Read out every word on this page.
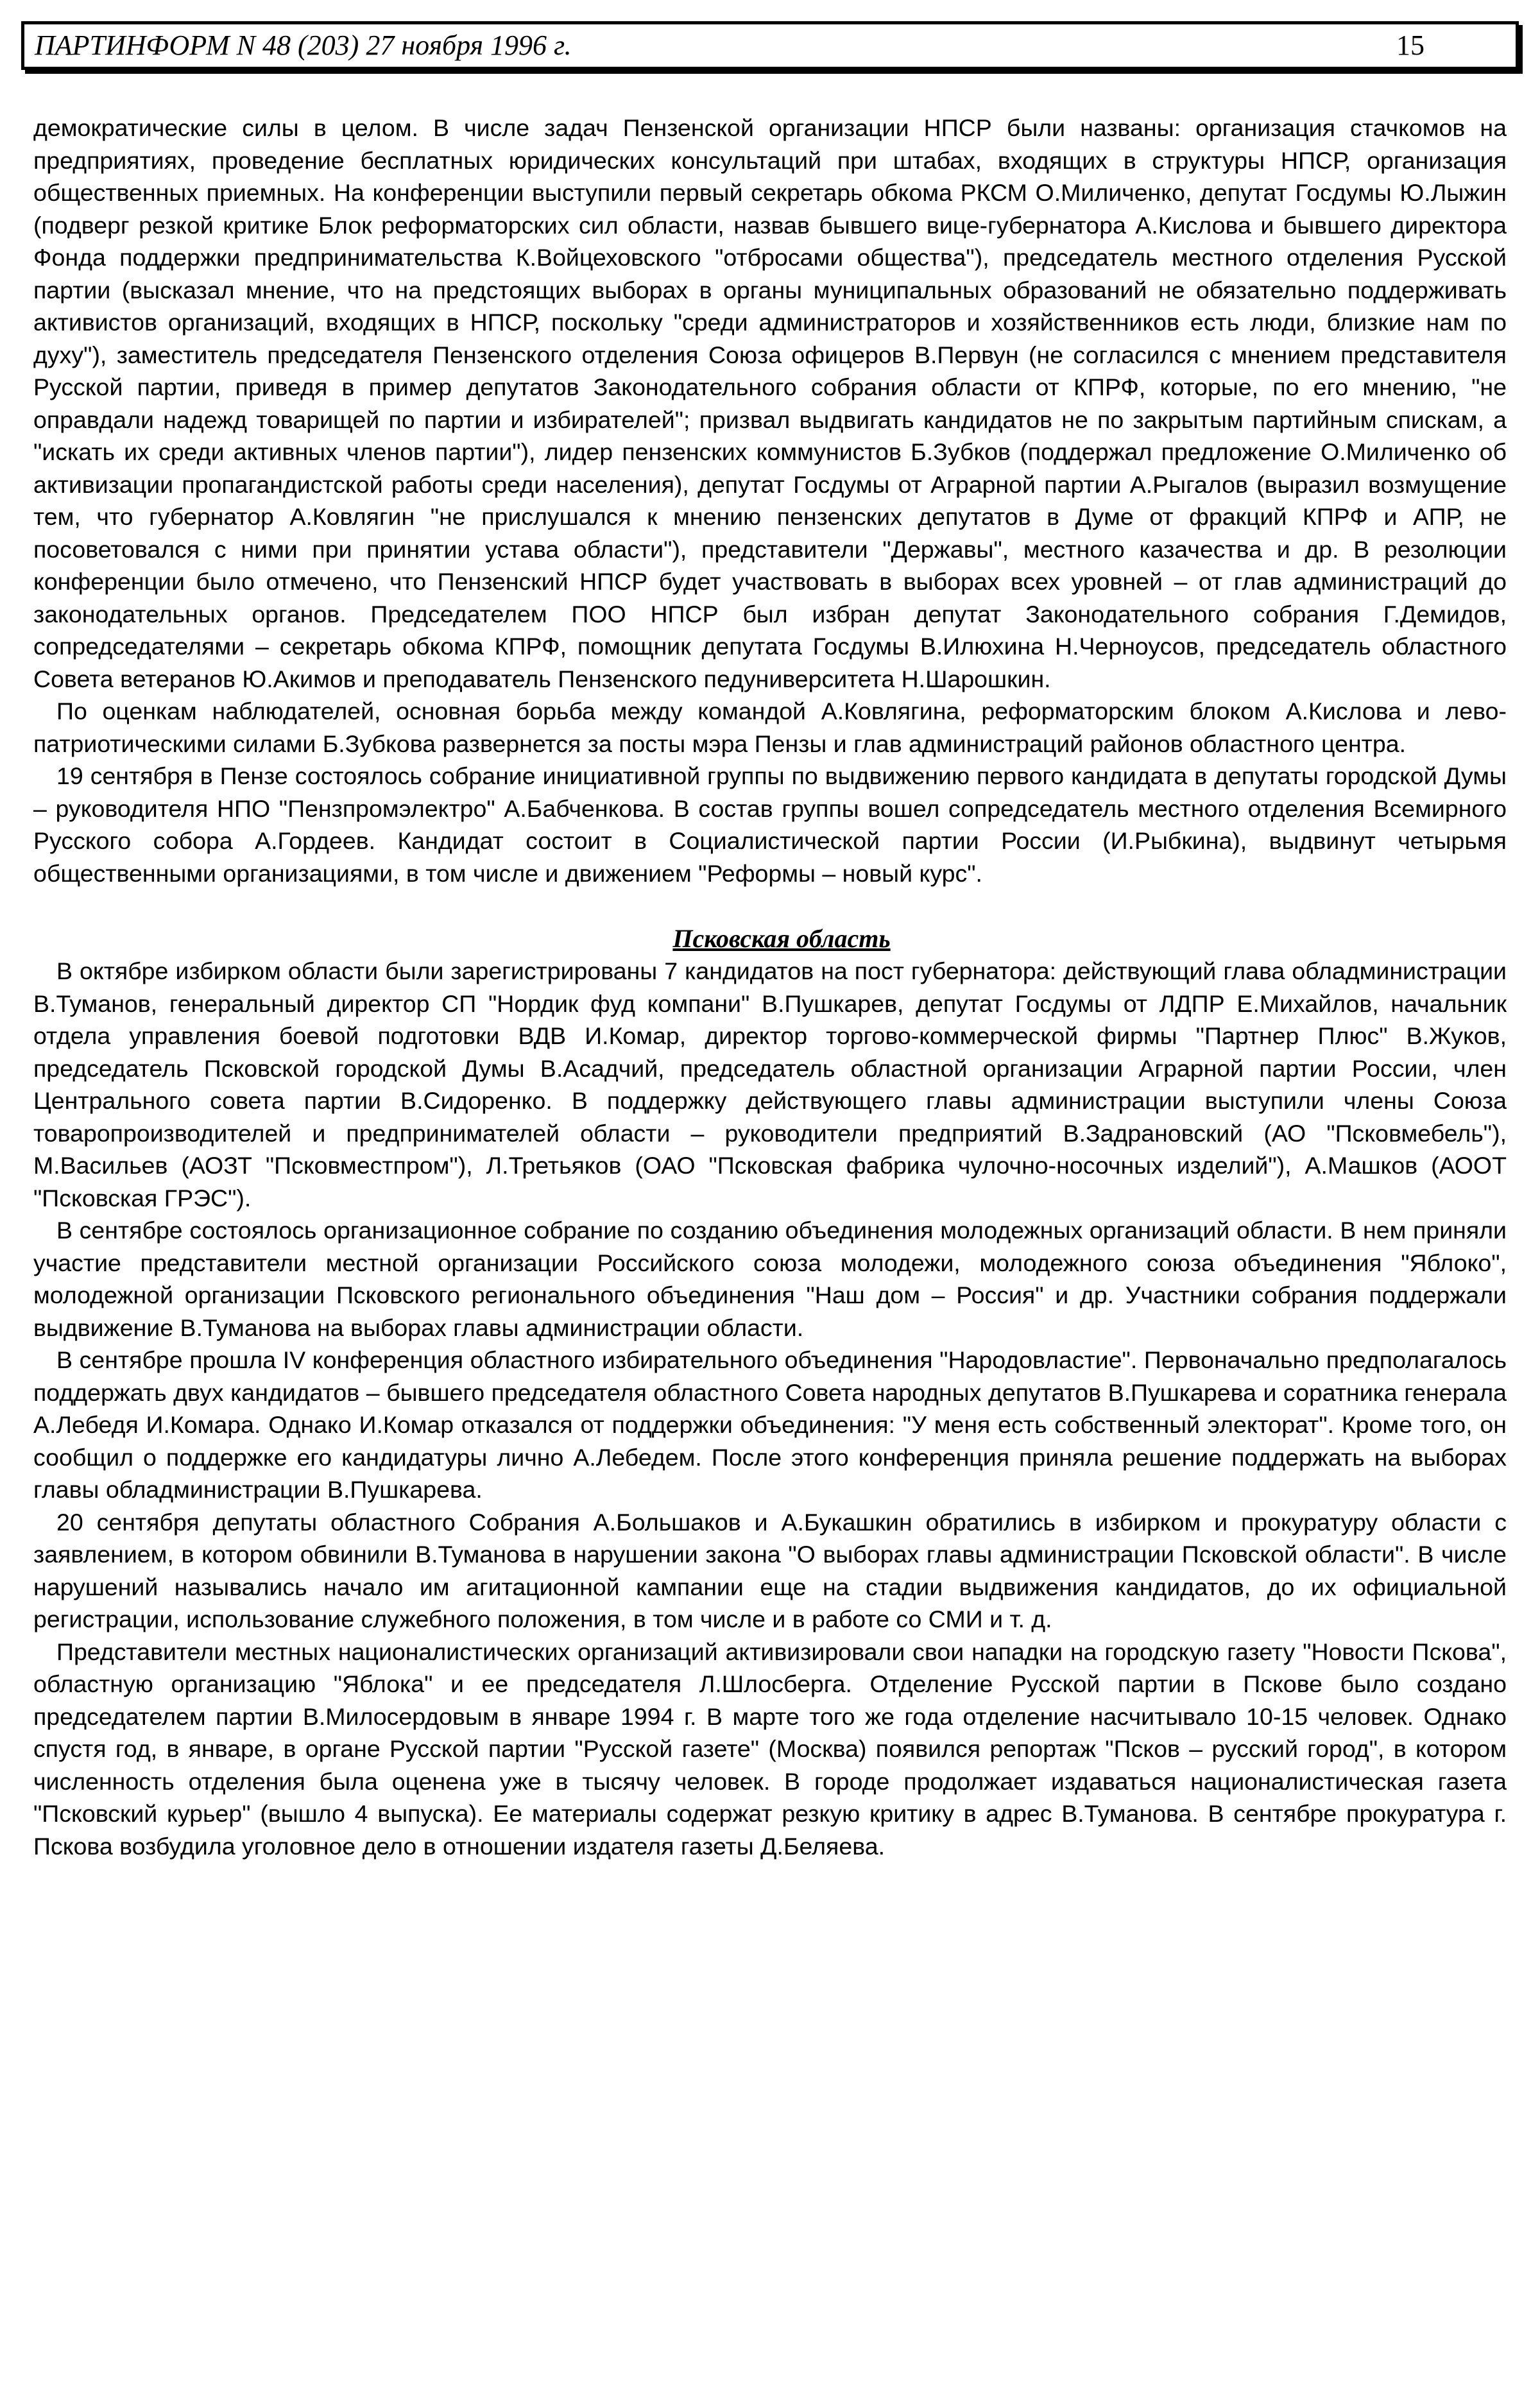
ПАРТИНФОРМ N 48 (203) 27 ноября 1996 г.	15

демократические силы в целом. В числе задач Пензенской организации НПСР были названы: организация стачкомов на предприятиях, проведение бесплатных юридических консультаций при штабах, входящих в структуры НПСР, организация общественных приемных. На конференции выступили первый секретарь обкома РКСМ О.Миличенко, депутат Госдумы Ю.Лыжин (подверг резкой критике Блок реформаторских сил области, назвав бывшего вице-губернатора А.Кислова и бывшего директора Фонда поддержки предпринимательства К.Войцеховского "отбросами общества"), председатель местного отделения Русской партии (высказал мнение, что на предстоящих выборах в органы муниципальных образований не обязательно поддерживать активистов организаций, входящих в НПСР, поскольку "среди администраторов и хозяйственников есть люди, близкие нам по духу"), заместитель председателя Пензенского отделения Союза офицеров В.Первун (не согласился с мнением представителя Русской партии, приведя в пример депутатов Законодательного собрания области от КПРФ, которые, по его мнению, "не оправдали надежд товарищей по партии и избирателей"; призвал выдвигать кандидатов не по закрытым партийным спискам, а "искать их среди активных членов партии"), лидер пензенских коммунистов Б.Зубков (поддержал предложение О.Миличенко об активизации пропагандистской работы среди населения), депутат Госдумы от Аграрной партии А.Рыгалов (выразил возмущение тем, что губернатор А.Ковлягин "не прислушался к мнению пензенских депутатов в Думе от фракций КПРФ и АПР, не посоветовался с ними при принятии устава области"), представители "Державы", местного казачества и др. В резолюции конференции было отмечено, что Пензенский НПСР будет участвовать в выборах всех уровней – от глав администраций до законодательных органов. Председателем ПОО НПСР был избран депутат Законодательного собрания Г.Демидов, сопредседателями – секретарь обкома КПРФ, помощник депутата Госдумы В.Илюхина Н.Черноусов, председатель областного Совета ветеранов Ю.Акимов и преподаватель Пензенского педуниверситета Н.Шарошкин.

По оценкам наблюдателей, основная борьба между командой А.Ковлягина, реформаторским блоком А.Кислова и лево-патриотическими силами Б.Зубкова развернется за посты мэра Пензы и глав администраций районов областного центра.

19 сентября в Пензе состоялось собрание инициативной группы по выдвижению первого кандидата в депутаты городской Думы – руководителя НПО "Пензпромэлектро" А.Бабченкова. В состав группы вошел сопредседатель местного отделения Всемирного Русского собора А.Гордеев. Кандидат состоит в Социалистической партии России (И.Рыбкина), выдвинут четырьмя общественными организациями, в том числе и движением "Реформы – новый курс".

Псковская область

В октябре избирком области были зарегистрированы 7 кандидатов на пост губернатора: действующий глава обладминистрации В.Туманов, генеральный директор СП "Нордик фуд компани" В.Пушкарев, депутат Госдумы от ЛДПР Е.Михайлов, начальник отдела управления боевой подготовки ВДВ И.Комар, директор торгово-коммерческой фирмы "Партнер Плюс" В.Жуков, председатель Псковской городской Думы В.Асадчий, председатель областной организации Аграрной партии России, член Центрального совета партии В.Сидоренко. В поддержку действующего главы администрации выступили члены Союза товаропроизводителей и предпринимателей области – руководители предприятий В.Задрановский (АО "Псковмебель"), М.Васильев (АОЗТ "Псковместпром"), Л.Третьяков (ОАО "Псковская фабрика чулочно-носочных изделий"), А.Машков (АООТ "Псковская ГРЭС").

В сентябре состоялось организационное собрание по созданию объединения молодежных организаций области. В нем приняли участие представители местной организации Российского союза молодежи, молодежного союза объединения "Яблоко", молодежной организации Псковского регионального объединения "Наш дом – Россия" и др. Участники собрания поддержали выдвижение В.Туманова на выборах главы администрации области.

В сентябре прошла IV конференция областного избирательного объединения "Народовластие". Первоначально предполагалось поддержать двух кандидатов – бывшего председателя областного Совета народных депутатов В.Пушкарева и соратника генерала А.Лебедя И.Комара. Однако И.Комар отказался от поддержки объединения: "У меня есть собственный электорат". Кроме того, он сообщил о поддержке его кандидатуры лично А.Лебедем. После этого конференция приняла решение поддержать на выборах главы обладминистрации В.Пушкарева.

20 сентября депутаты областного Собрания А.Большаков и А.Букашкин обратились в избирком и прокуратуру области с заявлением, в котором обвинили В.Туманова в нарушении закона "О выборах главы администрации Псковской области". В числе нарушений назывались начало им агитационной кампании еще на стадии выдвижения кандидатов, до их официальной регистрации, использование служебного положения, в том числе и в работе со СМИ и т. д.

Представители местных националистических организаций активизировали свои нападки на городскую газету "Новости Пскова", областную организацию "Яблока" и ее председателя Л.Шлосберга. Отделение Русской партии в Пскове было создано председателем партии В.Милосердовым в январе 1994 г. В марте того же года отделение насчитывало 10-15 человек. Однако спустя год, в январе, в органе Русской партии "Русской газете" (Москва) появился репортаж "Псков – русский город", в котором численность отделения была оценена уже в тысячу человек. В городе продолжает издаваться националистическая газета "Псковский курьер" (вышло 4 выпуска). Ее материалы содержат резкую критику в адрес В.Туманова. В сентябре прокуратура г. Пскова возбудила уголовное дело в отношении издателя газеты Д.Беляева.
